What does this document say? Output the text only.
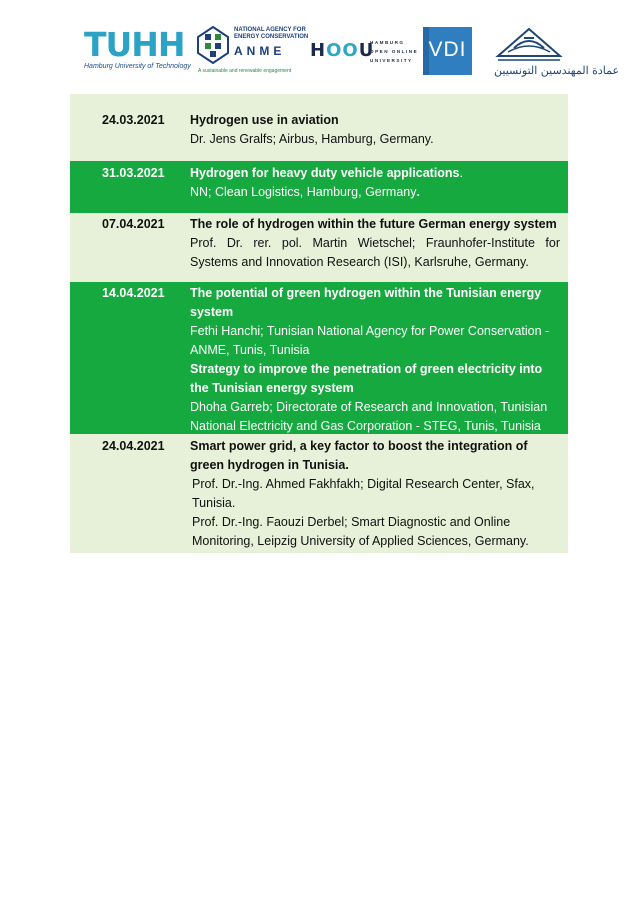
TUHH
Hamburg University of Technology
NATIONAL AGENCY FOR
ENERGY CONSERVATION
ANME
A sustainable and renewable engagement
HOOU
HAMBURG
OPEN ONLINE
UNIVERSITY VDI
عمادة المهندسين التونسيين
24.03.2021 Hydrogen use in aviation
Dr. Jens Gralfs; Airbus, Hamburg, Germany.
31.03.2021 Hydrogen for heavy duty vehicle applications.
NN; Clean Logistics, Hamburg, Germany.
07.04.2021 The role of hydrogen within the future German energy system
Prof. Dr. rer. pol. Martin Wietschel; Fraunhofer-Institute for Systems and Innovation Research (ISI), Karlsruhe, Germany.
14.04.2021 The potential of green hydrogen within the Tunisian energy system
Fethi Hanchi; Tunisian National Agency for Power Conservation - ANME, Tunis, Tunisia
Strategy to improve the penetration of green electricity into the Tunisian energy system
Dhoha Garreb; Directorate of Research and Innovation, Tunisian National Electricity and Gas Corporation - STEG, Tunis, Tunisia
24.04.2021 Smart power grid, a key factor to boost the integration of green hydrogen in Tunisia.
Prof. Dr.-Ing. Ahmed Fakhfakh; Digital Research Center, Sfax, Tunisia.
Prof. Dr.-Ing. Faouzi Derbel; Smart Diagnostic and Online Monitoring, Leipzig University of Applied Sciences, Germany.
